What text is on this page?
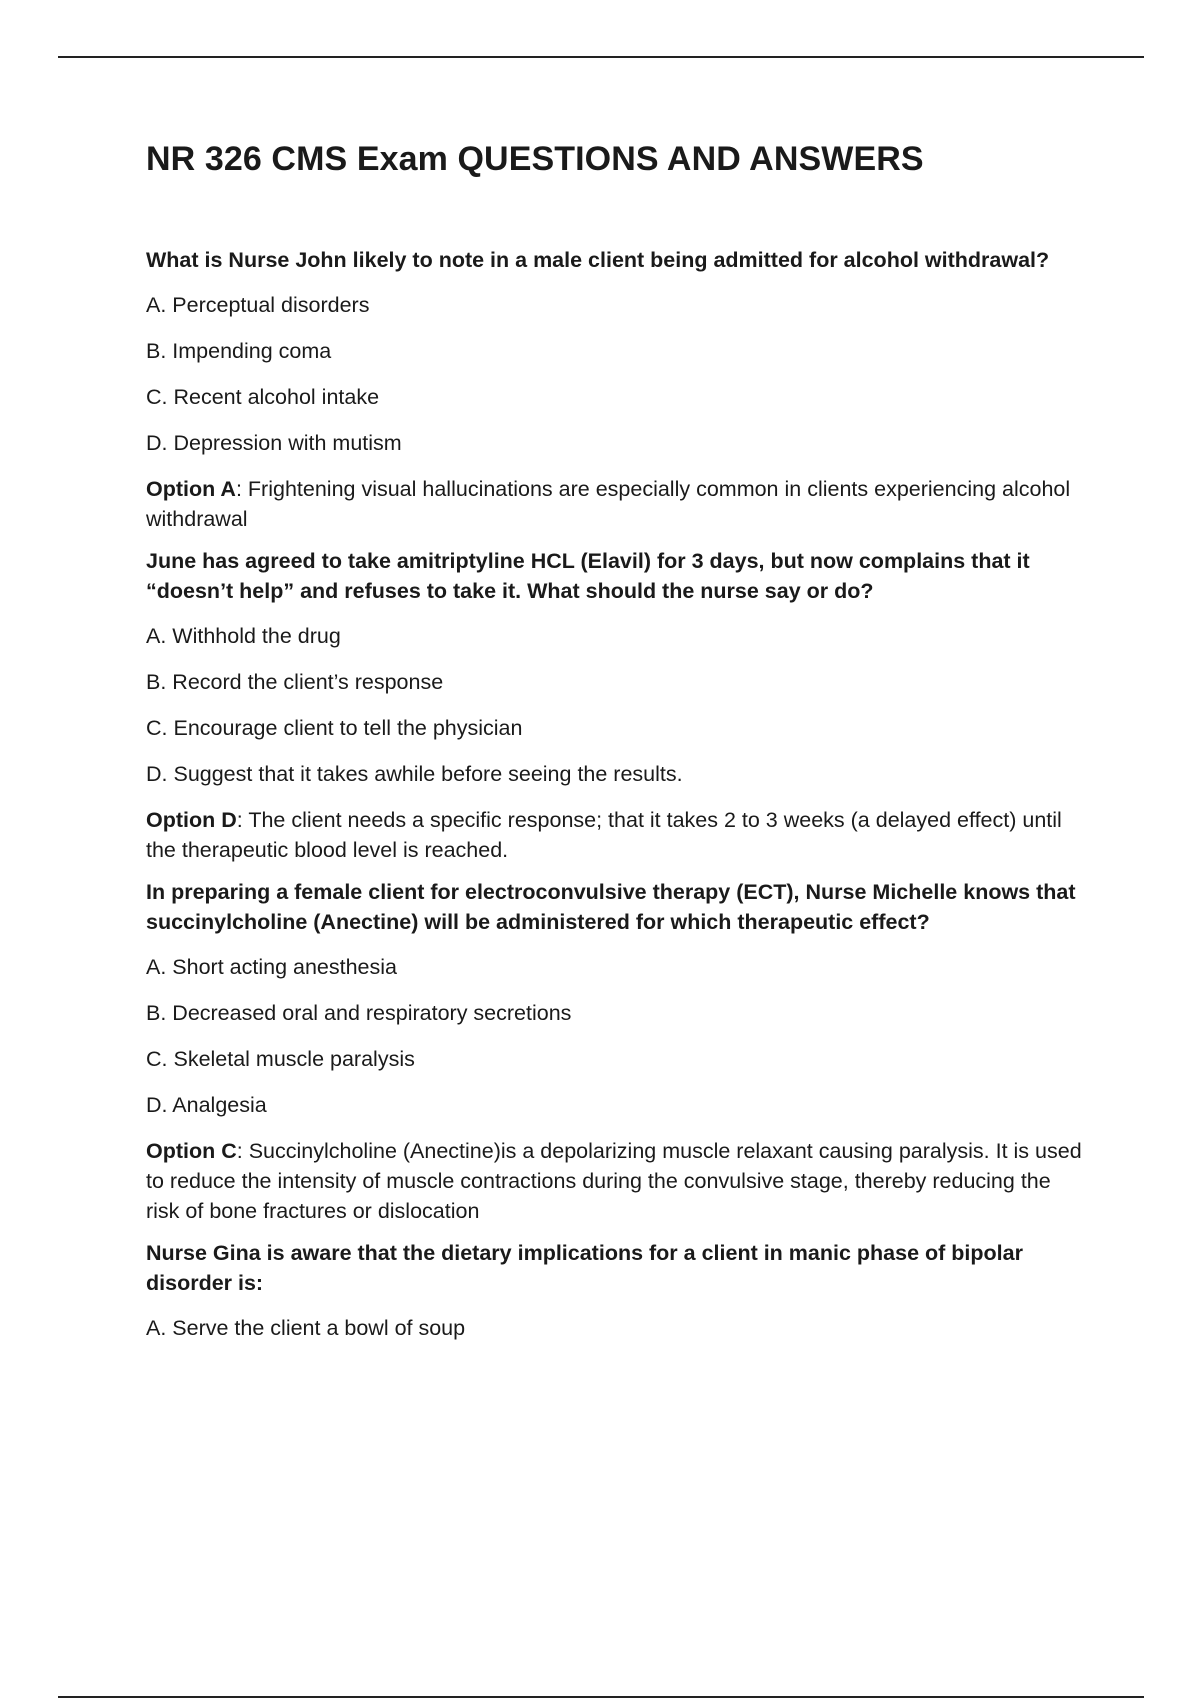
NR 326 CMS Exam QUESTIONS AND ANSWERS

What is Nurse John likely to note in a male client being admitted for alcohol withdrawal?

A. Perceptual disorders

B. Impending coma

C. Recent alcohol intake

D. Depression with mutism

Option A: Frightening visual hallucinations are especially common in clients experiencing alcohol withdrawal

June has agreed to take amitriptyline HCL (Elavil) for 3 days, but now complains that it “doesn’t help” and refuses to take it. What should the nurse say or do?

A. Withhold the drug

B. Record the client’s response

C. Encourage client to tell the physician

D. Suggest that it takes awhile before seeing the results.

Option D: The client needs a specific response; that it takes 2 to 3 weeks (a delayed effect) until the therapeutic blood level is reached.

In preparing a female client for electroconvulsive therapy (ECT), Nurse Michelle knows that succinylcholine (Anectine) will be administered for which therapeutic effect?

A. Short acting anesthesia

B. Decreased oral and respiratory secretions

C. Skeletal muscle paralysis

D. Analgesia

Option C: Succinylcholine (Anectine)is a depolarizing muscle relaxant causing paralysis. It is used to reduce the intensity of muscle contractions during the convulsive stage, thereby reducing the risk of bone fractures or dislocation

Nurse Gina is aware that the dietary implications for a client in manic phase of bipolar disorder is:

A. Serve the client a bowl of soup
